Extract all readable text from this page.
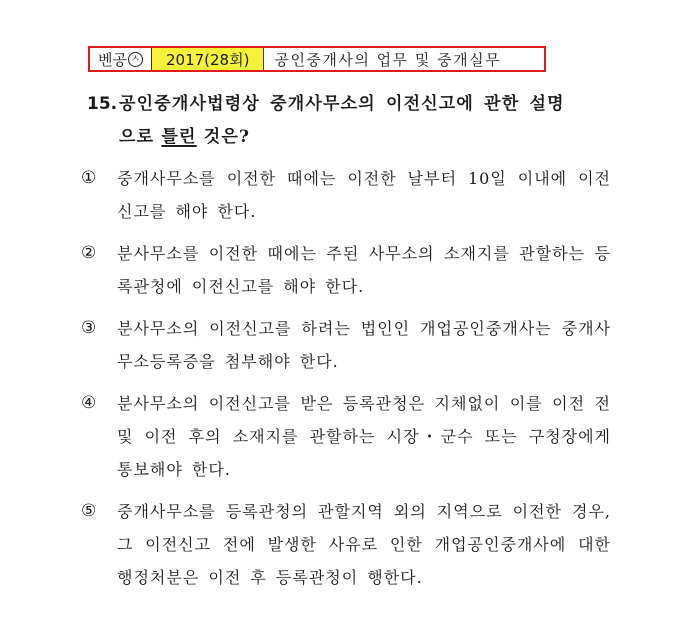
벤공 ㅅ	2017(28회)	공인중개사의 업무 및 중개실무
15. 공인중개사법령상 중개사무소의 이전신고에 관한 설명
으로 틀린 것은?
① 중개사무소를 이전한 때에는 이전한 날부터 10일 이내에 이전신고를 해야 한다.
② 분사무소를 이전한 때에는 주된 사무소의 소재지를 관할하는 등록관청에 이전신고를 해야 한다.
③ 분사무소의 이전신고를 하려는 법인인 개업공인중개사는 중개사무소등록증을 첨부해야 한다.
④ 분사무소의 이전신고를 받은 등록관청은 지체없이 이를 이전 전 및 이전 후의 소재지를 관할하는 시장・군수 또는 구청장에게 통보해야 한다.
⑤ 중개사무소를 등록관청의 관할지역 외의 지역으로 이전한 경우, 그 이전신고 전에 발생한 사유로 인한 개업공인중개사에 대한 행정처분은 이전 후 등록관청이 행한다.
